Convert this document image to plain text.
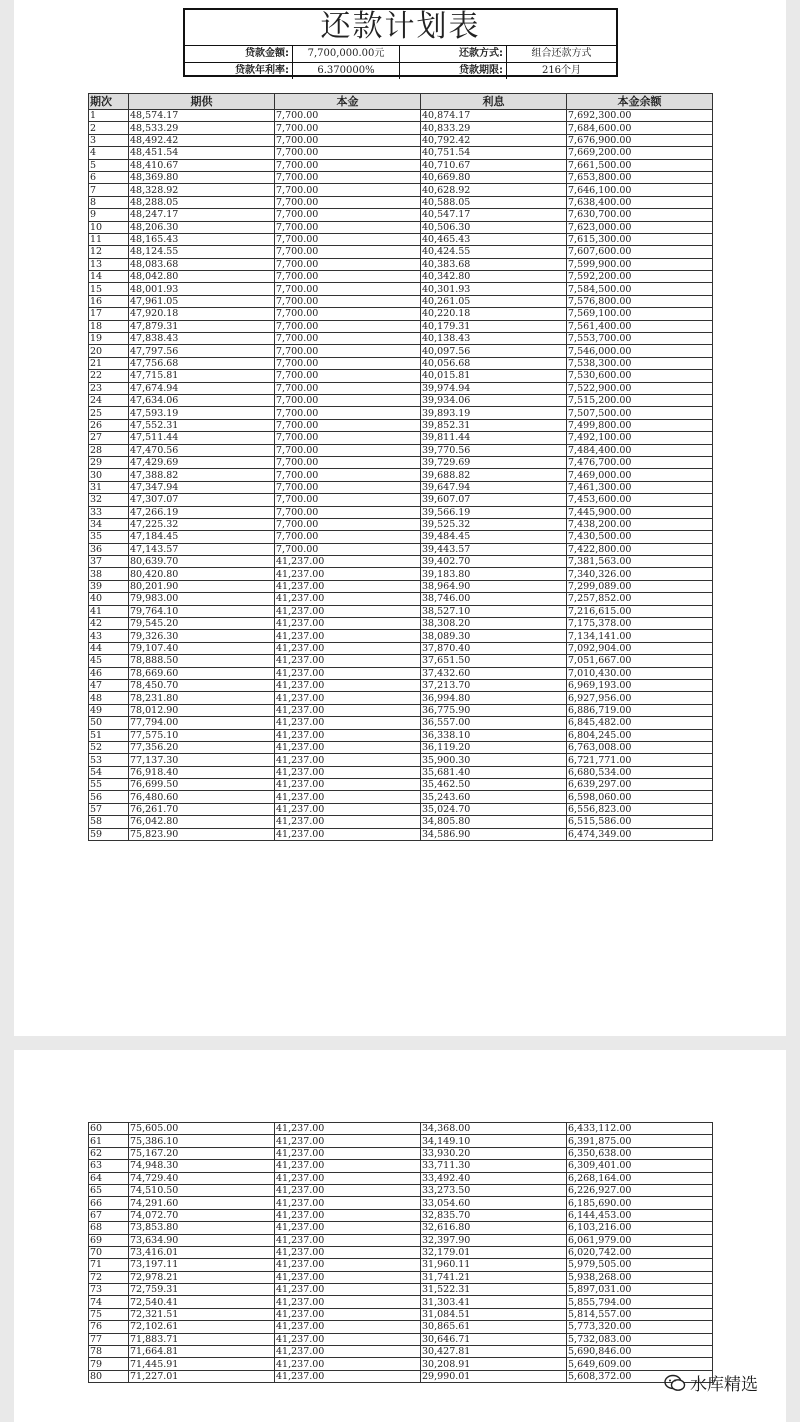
还款计划表
贷款金额:	7,700,000.00元	还款方式:	组合还款方式
贷款年利率:	6.370000%	贷款期限:	216个月
期次	期供	本金	利息	本金余额
1	48,574.17	7,700.00	40,874.17	7,692,300.00
2	48,533.29	7,700.00	40,833.29	7,684,600.00
3	48,492.42	7,700.00	40,792.42	7,676,900.00
4	48,451.54	7,700.00	40,751.54	7,669,200.00
5	48,410.67	7,700.00	40,710.67	7,661,500.00
6	48,369.80	7,700.00	40,669.80	7,653,800.00
7	48,328.92	7,700.00	40,628.92	7,646,100.00
8	48,288.05	7,700.00	40,588.05	7,638,400.00
9	48,247.17	7,700.00	40,547.17	7,630,700.00
10	48,206.30	7,700.00	40,506.30	7,623,000.00
11	48,165.43	7,700.00	40,465.43	7,615,300.00
12	48,124.55	7,700.00	40,424.55	7,607,600.00
13	48,083.68	7,700.00	40,383.68	7,599,900.00
14	48,042.80	7,700.00	40,342.80	7,592,200.00
15	48,001.93	7,700.00	40,301.93	7,584,500.00
16	47,961.05	7,700.00	40,261.05	7,576,800.00
17	47,920.18	7,700.00	40,220.18	7,569,100.00
18	47,879.31	7,700.00	40,179.31	7,561,400.00
19	47,838.43	7,700.00	40,138.43	7,553,700.00
20	47,797.56	7,700.00	40,097.56	7,546,000.00
21	47,756.68	7,700.00	40,056.68	7,538,300.00
22	47,715.81	7,700.00	40,015.81	7,530,600.00
23	47,674.94	7,700.00	39,974.94	7,522,900.00
24	47,634.06	7,700.00	39,934.06	7,515,200.00
25	47,593.19	7,700.00	39,893.19	7,507,500.00
26	47,552.31	7,700.00	39,852.31	7,499,800.00
27	47,511.44	7,700.00	39,811.44	7,492,100.00
28	47,470.56	7,700.00	39,770.56	7,484,400.00
29	47,429.69	7,700.00	39,729.69	7,476,700.00
30	47,388.82	7,700.00	39,688.82	7,469,000.00
31	47,347.94	7,700.00	39,647.94	7,461,300.00
32	47,307.07	7,700.00	39,607.07	7,453,600.00
33	47,266.19	7,700.00	39,566.19	7,445,900.00
34	47,225.32	7,700.00	39,525.32	7,438,200.00
35	47,184.45	7,700.00	39,484.45	7,430,500.00
36	47,143.57	7,700.00	39,443.57	7,422,800.00
37	80,639.70	41,237.00	39,402.70	7,381,563.00
38	80,420.80	41,237.00	39,183.80	7,340,326.00
39	80,201.90	41,237.00	38,964.90	7,299,089.00
40	79,983.00	41,237.00	38,746.00	7,257,852.00
41	79,764.10	41,237.00	38,527.10	7,216,615.00
42	79,545.20	41,237.00	38,308.20	7,175,378.00
43	79,326.30	41,237.00	38,089.30	7,134,141.00
44	79,107.40	41,237.00	37,870.40	7,092,904.00
45	78,888.50	41,237.00	37,651.50	7,051,667.00
46	78,669.60	41,237.00	37,432.60	7,010,430.00
47	78,450.70	41,237.00	37,213.70	6,969,193.00
48	78,231.80	41,237.00	36,994.80	6,927,956.00
49	78,012.90	41,237.00	36,775.90	6,886,719.00
50	77,794.00	41,237.00	36,557.00	6,845,482.00
51	77,575.10	41,237.00	36,338.10	6,804,245.00
52	77,356.20	41,237.00	36,119.20	6,763,008.00
53	77,137.30	41,237.00	35,900.30	6,721,771.00
54	76,918.40	41,237.00	35,681.40	6,680,534.00
55	76,699.50	41,237.00	35,462.50	6,639,297.00
56	76,480.60	41,237.00	35,243.60	6,598,060.00
57	76,261.70	41,237.00	35,024.70	6,556,823.00
58	76,042.80	41,237.00	34,805.80	6,515,586.00
59	75,823.90	41,237.00	34,586.90	6,474,349.00
60	75,605.00	41,237.00	34,368.00	6,433,112.00
61	75,386.10	41,237.00	34,149.10	6,391,875.00
62	75,167.20	41,237.00	33,930.20	6,350,638.00
63	74,948.30	41,237.00	33,711.30	6,309,401.00
64	74,729.40	41,237.00	33,492.40	6,268,164.00
65	74,510.50	41,237.00	33,273.50	6,226,927.00
66	74,291.60	41,237.00	33,054.60	6,185,690.00
67	74,072.70	41,237.00	32,835.70	6,144,453.00
68	73,853.80	41,237.00	32,616.80	6,103,216.00
69	73,634.90	41,237.00	32,397.90	6,061,979.00
70	73,416.01	41,237.00	32,179.01	6,020,742.00
71	73,197.11	41,237.00	31,960.11	5,979,505.00
72	72,978.21	41,237.00	31,741.21	5,938,268.00
73	72,759.31	41,237.00	31,522.31	5,897,031.00
74	72,540.41	41,237.00	31,303.41	5,855,794.00
75	72,321.51	41,237.00	31,084.51	5,814,557.00
76	72,102.61	41,237.00	30,865.61	5,773,320.00
77	71,883.71	41,237.00	30,646.71	5,732,083.00
78	71,664.81	41,237.00	30,427.81	5,690,846.00
79	71,445.91	41,237.00	30,208.91	5,649,609.00
80	71,227.01	41,237.00	29,990.01	5,608,372.00	水库精选
